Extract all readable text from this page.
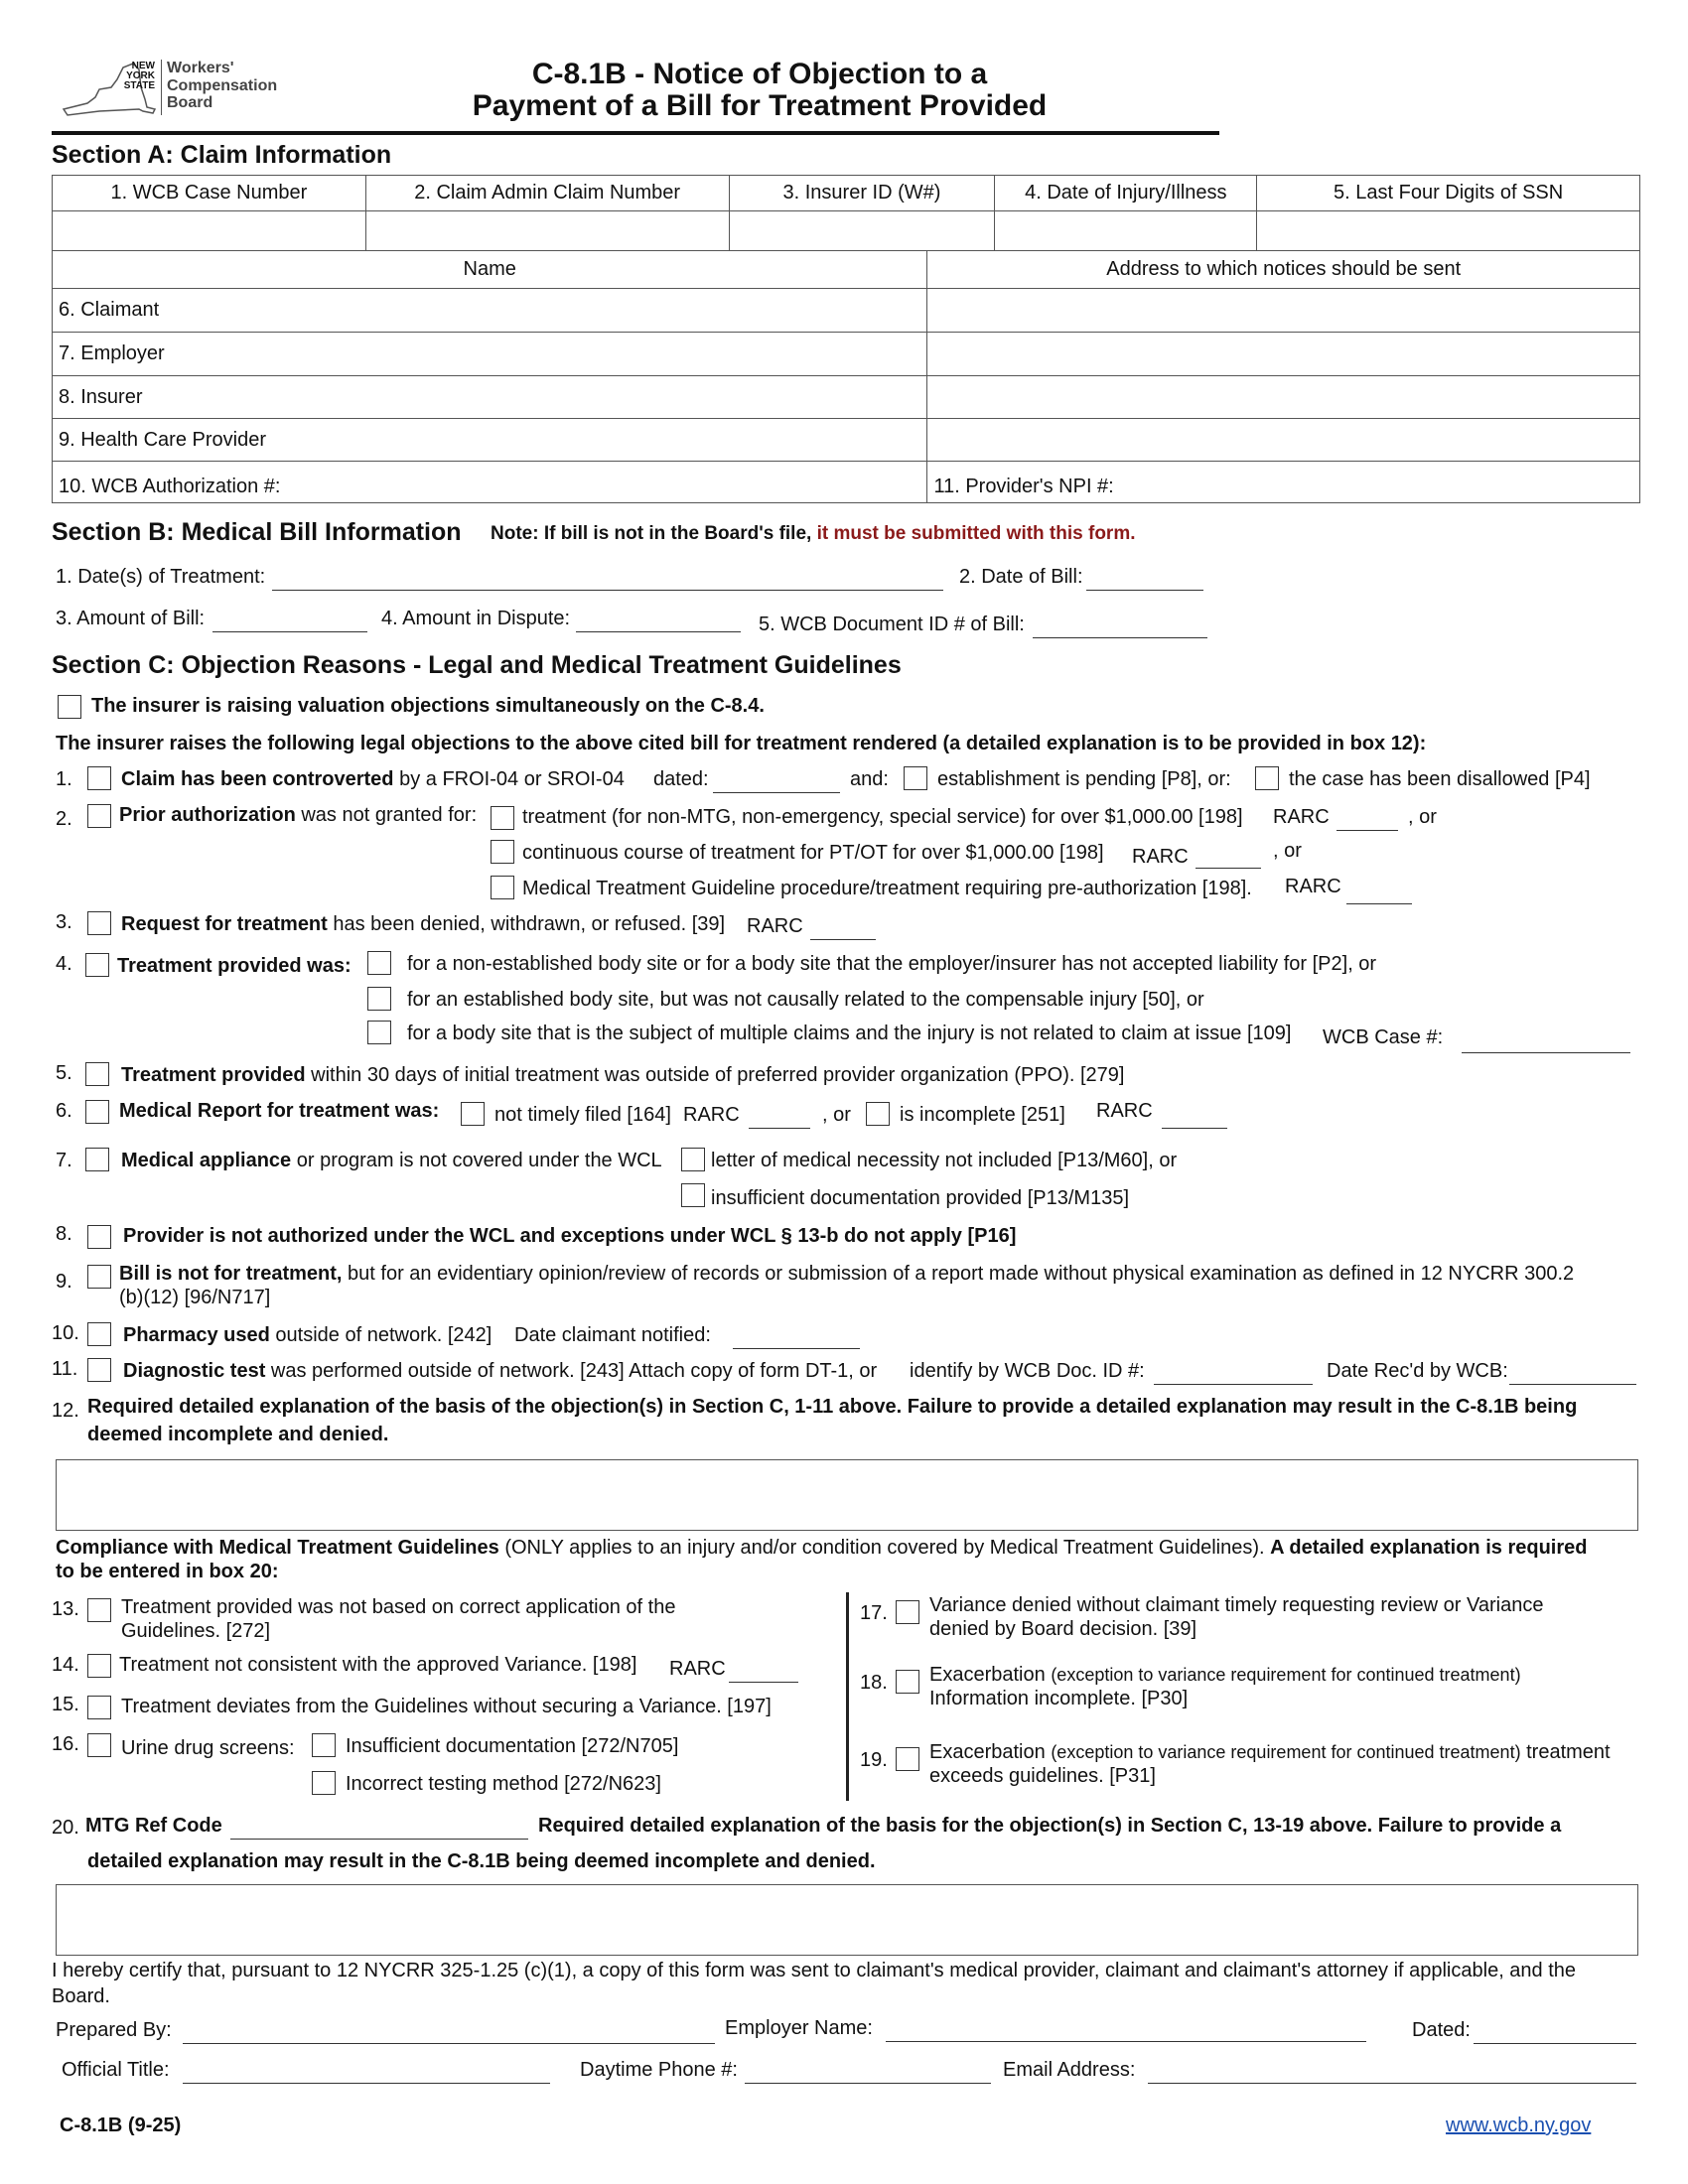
NEW
YORK
STATE
Workers'
Compensation
Board
C-8.1B - Notice of Objection to a
Payment of a Bill for Treatment Provided
Section A: Claim Information
1. WCB Case Number	2. Claim Admin Claim Number	3. Insurer ID (W#)	4. Date of Injury/Illness	5. Last Four Digits of SSN

Name	Address to which notices should be sent
6. Claimant	
7. Employer	
8. Insurer	
9. Health Care Provider	
10. WCB Authorization #:	11. Provider's NPI #:
Section B: Medical Bill Information Note: If bill is not in the Board's file, it must be submitted with this form.
1. Date(s) of Treatment:	2. Date of Bill:
3. Amount of Bill:	4. Amount in Dispute:	5. WCB Document ID # of Bill:
Section C: Objection Reasons - Legal and Medical Treatment Guidelines
The insurer is raising valuation objections simultaneously on the C-8.4.
The insurer raises the following legal objections to the above cited bill for treatment rendered (a detailed explanation is to be provided in box 12):
1. Claim has been controverted by a FROI-04 or SROI-04 dated:	and: establishment is pending [P8], or:	the case has been disallowed [P4]
2. Prior authorization was not granted for: treatment (for non-MTG, non-emergency, special service) for over $1,000.00 [198] RARC	, or
continuous course of treatment for PT/OT for over $1,000.00 [198] RARC	, or
Medical Treatment Guideline procedure/treatment requiring pre-authorization [198]. RARC
3. Request for treatment has been denied, withdrawn, or refused. [39] RARC
4. Treatment provided was:	for a non-established body site or for a body site that the employer/insurer has not accepted liability for [P2], or
for an established body site, but was not causally related to the compensable injury [50], or
for a body site that is the subject of multiple claims and the injury is not related to claim at issue [109] WCB Case #:
5. Treatment provided within 30 days of initial treatment was outside of preferred provider organization (PPO). [279]
6. Medical Report for treatment was:	not timely filed [164] RARC	, or is incomplete [251] RARC
7. Medical appliance or program is not covered under the WCL letter of medical necessity not included [P13/M60], or
insufficient documentation provided [P13/M135]
8.	Provider is not authorized under the WCL and exceptions under WCL § 13-b do not apply [P16]
9. Bill is not for treatment, but for an evidentiary opinion/review of records or submission of a report made without physical examination as defined in 12 NYCRR 300.2
(b)(12) [96/N717]
10. Pharmacy used outside of network. [242] Date claimant notified:
11. Diagnostic test was performed outside of network. [243] Attach copy of form DT-1, or identify by WCB Doc. ID #:	Date Rec'd by WCB:
12. Required detailed explanation of the basis of the objection(s) in Section C, 1-11 above. Failure to provide a detailed explanation may result in the C-8.1B being
deemed incomplete and denied.
Compliance with Medical Treatment Guidelines (ONLY applies to an injury and/or condition covered by Medical Treatment Guidelines). A detailed explanation is required
to be entered in box 20:
13. Treatment provided was not based on correct application of the
Guidelines. [272]
14. Treatment not consistent with the approved Variance. [198] RARC
15. Treatment deviates from the Guidelines without securing a Variance. [197]
16. Urine drug screens:	Insufficient documentation [272/N705]
Incorrect testing method [272/N623]
17. Variance denied without claimant timely requesting review or Variance
denied by Board decision. [39]
18. Exacerbation (exception to variance requirement for continued treatment)
Information incomplete. [P30]
19. Exacerbation (exception to variance requirement for continued treatment) treatment
exceeds guidelines. [P31]
20. MTG Ref Code	Required detailed explanation of the basis for the objection(s) in Section C, 13-19 above. Failure to provide a
detailed explanation may result in the C-8.1B being deemed incomplete and denied.
I hereby certify that, pursuant to 12 NYCRR 325-1.25 (c)(1), a copy of this form was sent to claimant's medical provider, claimant and claimant's attorney if applicable, and the
Board.
Prepared By:	Employer Name:	Dated:
Official Title:	Daytime Phone #:	Email Address:
C-8.1B (9-25)	www.wcb.ny.gov
